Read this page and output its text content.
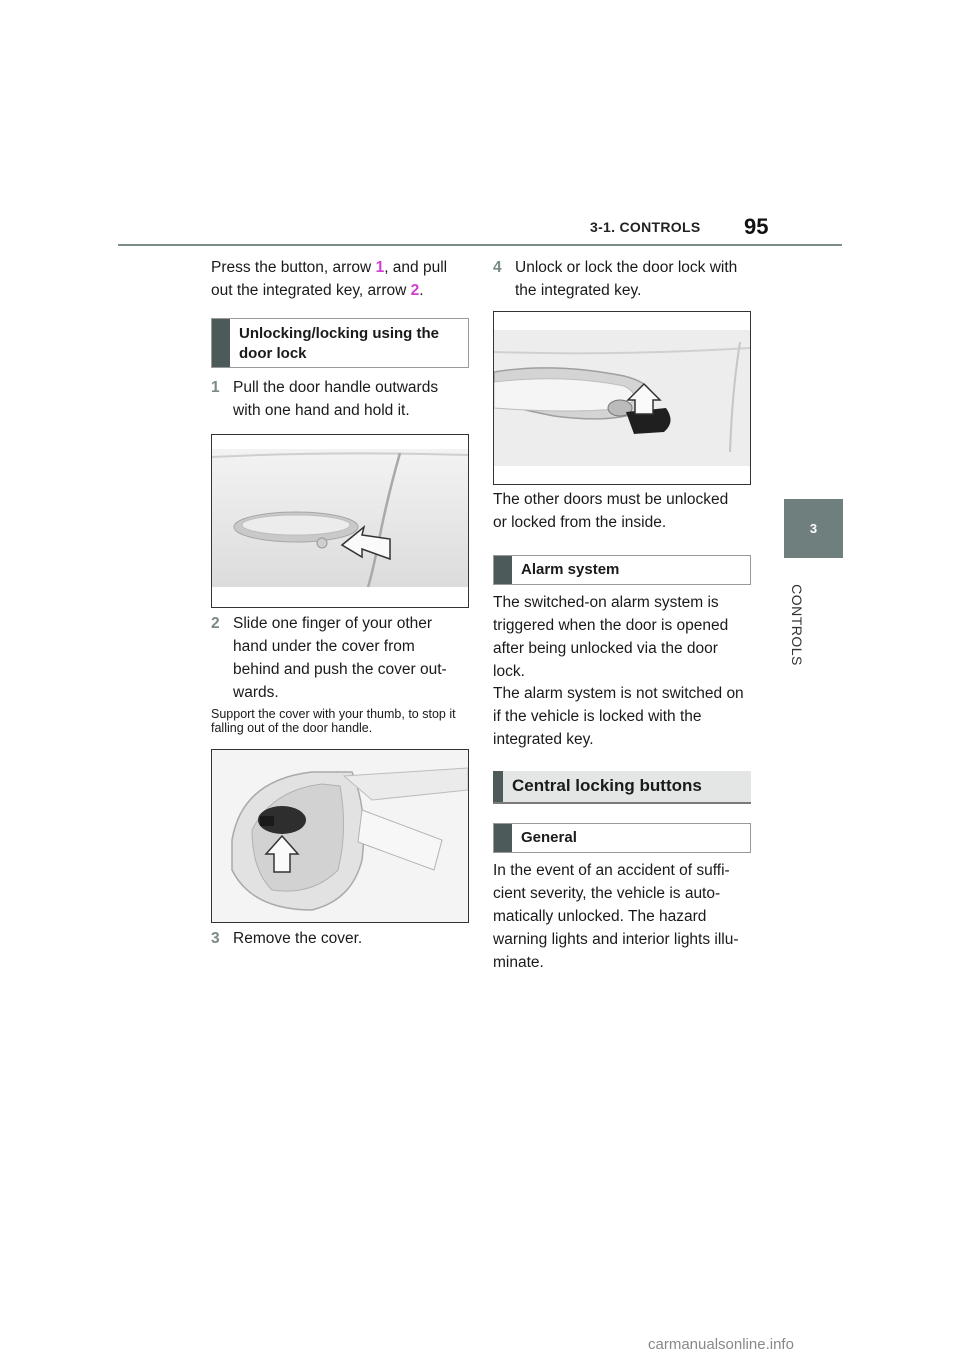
3-1. CONTROLS 95
3
CONTROLS
Press the button, arrow 1, and pull
out the integrated key, arrow 2.
Unlocking/locking using the door lock
1 Pull the door handle outwards with one hand and hold it.
2 Slide one finger of your other hand under the cover from behind and push the cover out-wards.
Support the cover with your thumb, to stop it falling out of the door handle.
3 Remove the cover.
4 Unlock or lock the door lock with the integrated key.
The other doors must be unlocked or locked from the inside.
Alarm system
The switched-on alarm system is triggered when the door is opened after being unlocked via the door lock.
The alarm system is not switched on if the vehicle is locked with the integrated key.
Central locking buttons
General
In the event of an accident of suffi-cient severity, the vehicle is auto-matically unlocked. The hazard warning lights and interior lights illu-minate.
carmanualsonline.info
